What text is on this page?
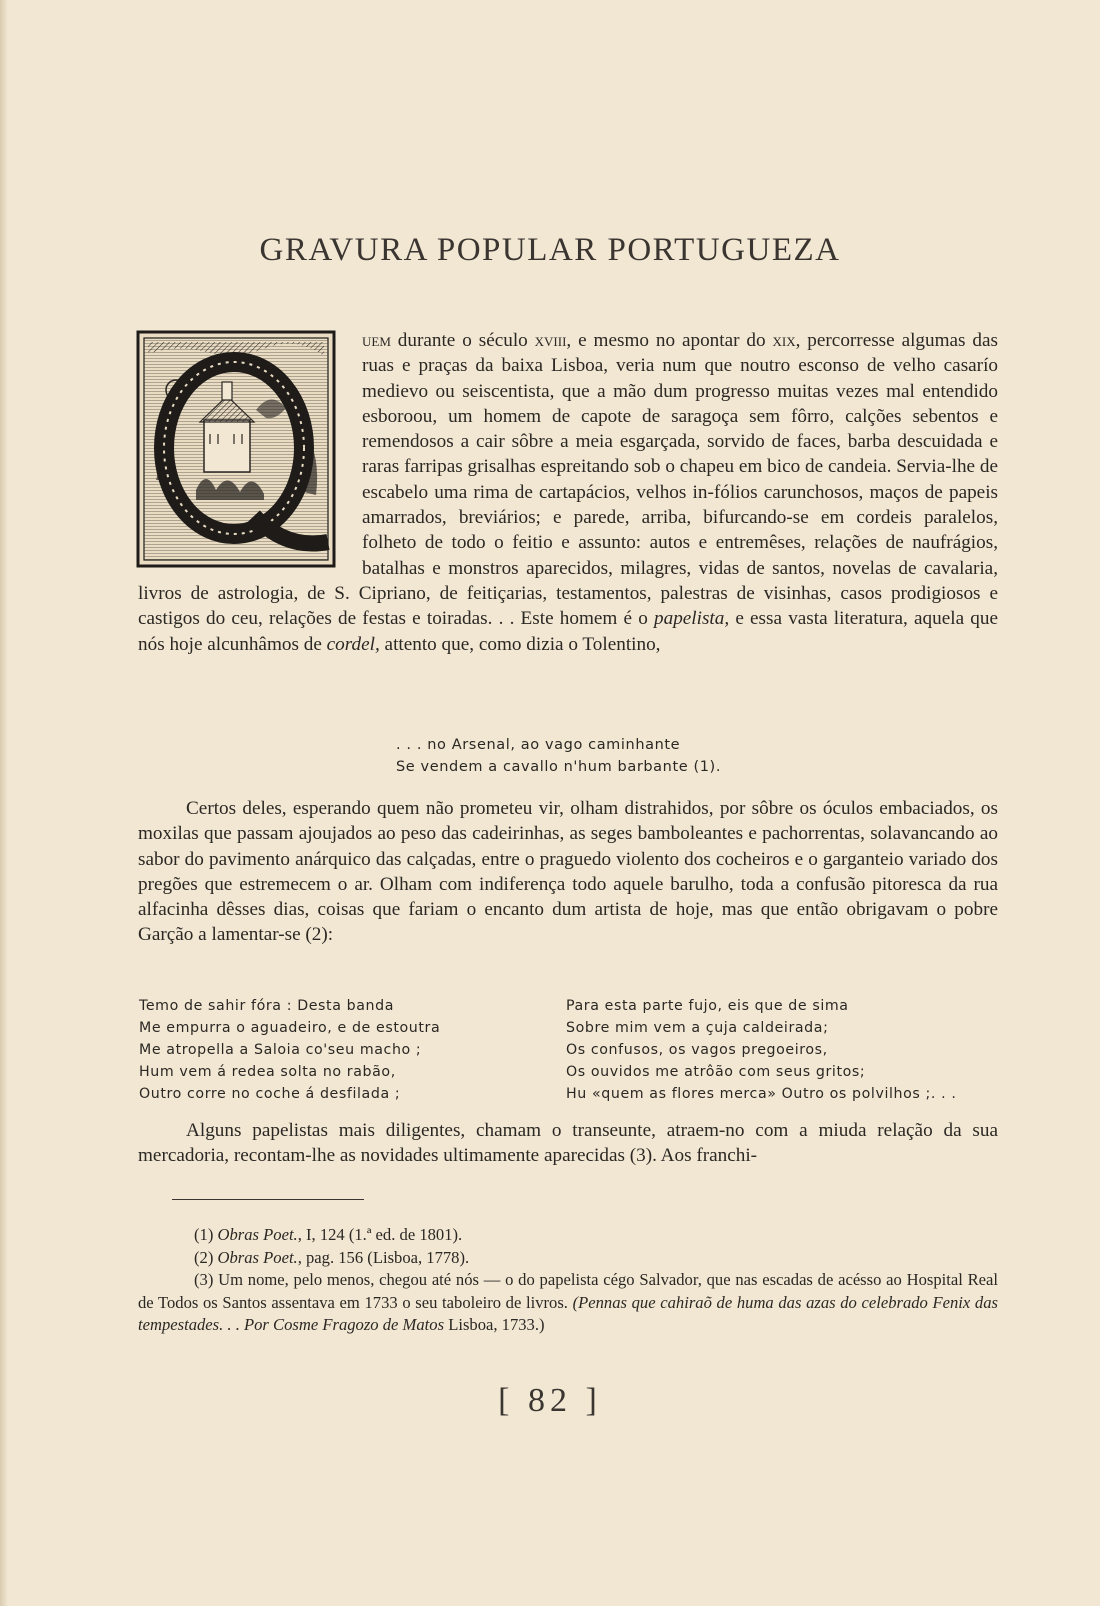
GRAVURA POPULAR PORTUGUEZA
uem durante o século xviii, e mesmo no apontar do xix, percorresse algumas das ruas e praças da baixa Lisboa, veria num que noutro esconso de velho casarío medievo ou seiscentista, que a mão dum progresso muitas vezes mal entendido esboroou, um homem de capote de saragoça sem fôrro, calções sebentos e remendosos a cair sôbre a meia esgarçada, sorvido de faces, barba descuidada e raras farripas grisalhas espreitando sob o chapeu em bico de candeia. Servia-lhe de escabelo uma rima de cartapácios, velhos in-fólios carunchosos, maços de papeis amarrados, breviários; e parede, arriba, bifurcando-se em cordeis paralelos, folheto de todo o feitio e assunto: autos e entremêses, relações de naufrágios, batalhas e monstros aparecidos, milagres, vidas de santos, novelas de cavalaria, livros de astrologia, de S. Cipriano, de feitiçarias, testamentos, palestras de visinhas, casos prodigiosos e castigos do ceu, relações de festas e toiradas. . . Este homem é o papelista, e essa vasta literatura, aquela que nós hoje alcunhâmos de cordel, attento que, como dizia o Tolentino,

. . . no Arsenal, ao vago caminhante

Se vendem a cavallo n'hum barbante (1).

Certos deles, esperando quem não prometeu vir, olham distrahidos, por sôbre os óculos embaciados, os moxilas que passam ajoujados ao peso das cadeirinhas, as seges bamboleantes e pachorrentas, solavancando ao sabor do pavimento anárquico das calçadas, entre o praguedo violento dos cocheiros e o garganteio variado dos pregões que estremecem o ar. Olham com indiferença todo aquele barulho, toda a confusão pitoresca da rua alfacinha dêsses dias, coisas que fariam o encanto dum artista de hoje, mas que então obrigavam o pobre Garção a lamentar-se (2):

Temo de sahir fóra : Desta banda

Me empurra o aguadeiro, e de estoutra

Me atropella a Saloia co'seu macho ;

Hum vem á redea solta no rabão,

Outro corre no coche á desfilada ;

Para esta parte fujo, eis que de sima

Sobre mim vem a çuja caldeirada;

Os confusos, os vagos pregoeiros,

Os ouvidos me atrôão com seus gritos;

Hu «quem as flores merca» Outro os polvilhos ;. . .

Alguns papelistas mais diligentes, chamam o transeunte, atraem-no com a miuda relação da sua mercadoria, recontam-lhe as novidades ultimamente aparecidas (3). Aos franchi-

(1) Obras Poet., I, 124 (1.ª ed. de 1801).

(2) Obras Poet., pag. 156 (Lisboa, 1778).

(3) Um nome, pelo menos, chegou até nós — o do papelista cégo Salvador, que nas escadas de acésso ao Hospital Real de Todos os Santos assentava em 1733 o seu taboleiro de livros. (Pennas que cahiraõ de huma das azas do celebrado Fenix das tempestades. . . Por Cosme Fragozo de Matos Lisboa, 1733.)

[ 82 ]
